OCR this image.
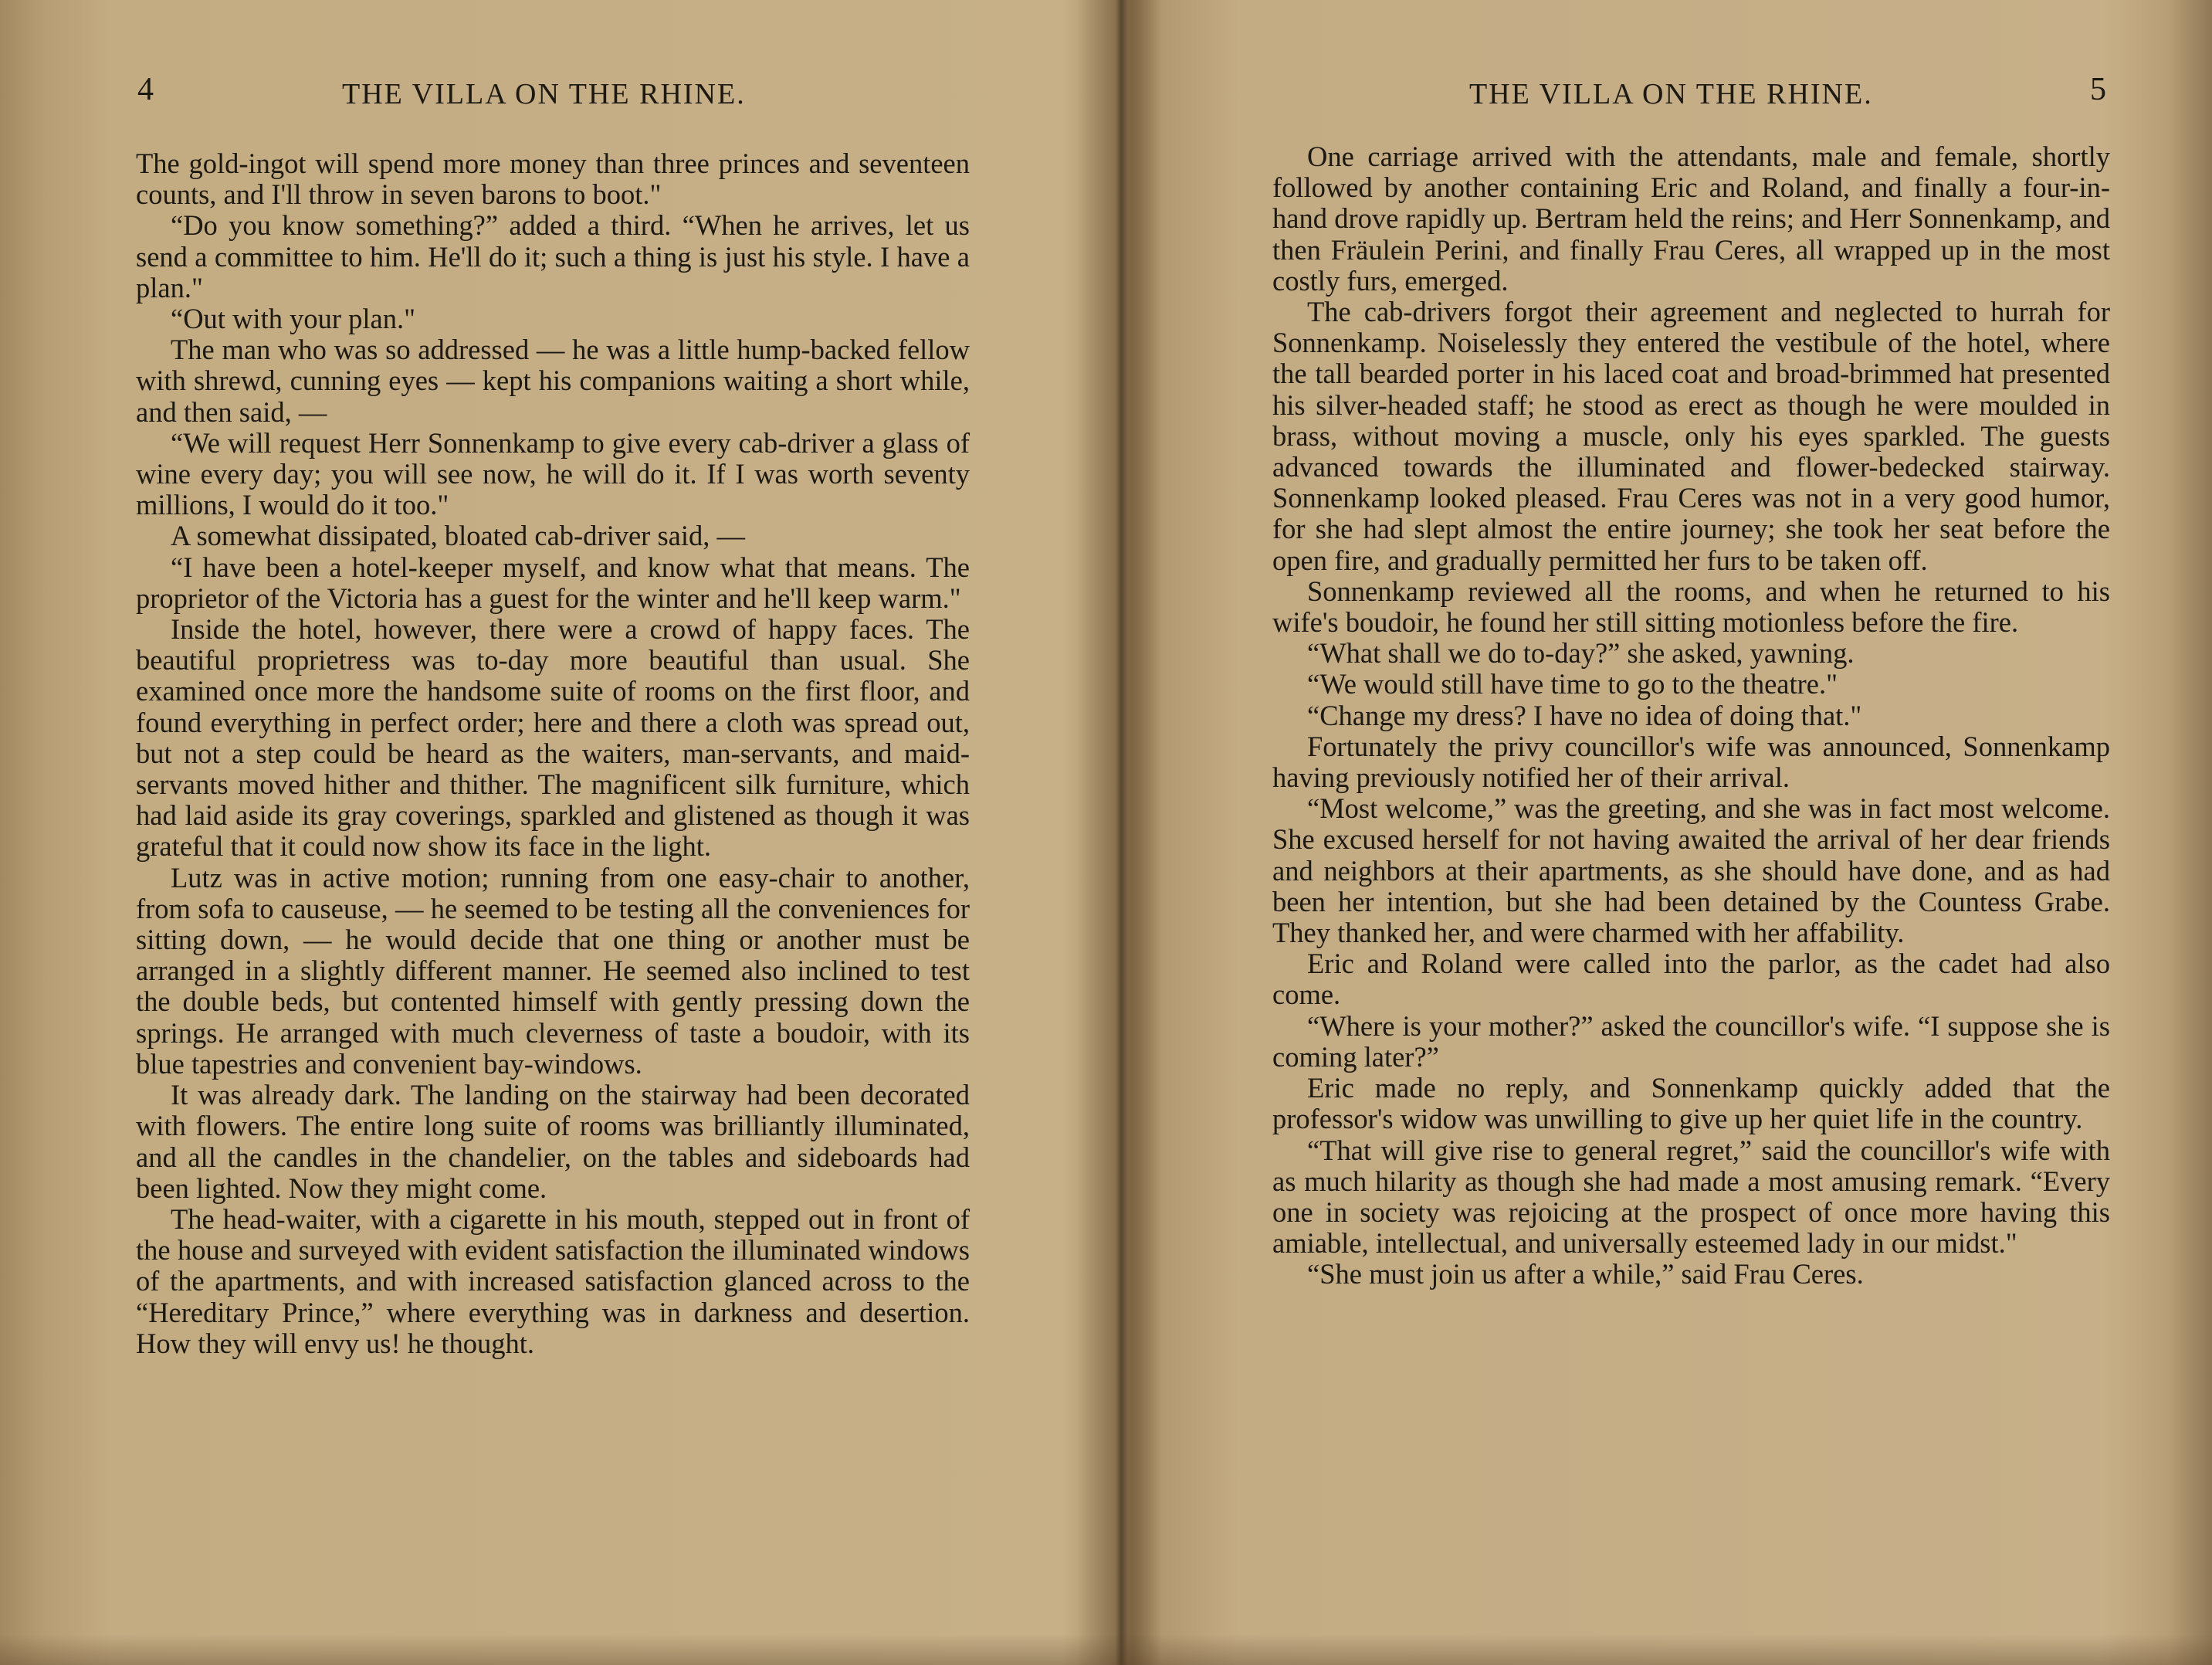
4	THE VILLA ON THE RHINE.

The gold-ingot will spend more money than three princes and seventeen counts, and I'll throw in seven barons to boot."

“Do you know something?” added a third. “When he arrives, let us send a committee to him. He'll do it; such a thing is just his style. I have a plan."

“Out with your plan."

The man who was so addressed — he was a little hump-backed fellow with shrewd, cunning eyes — kept his companions waiting a short while, and then said, —

“We will request Herr Sonnenkamp to give every cab-driver a glass of wine every day; you will see now, he will do it. If I was worth seventy millions, I would do it too."

A somewhat dissipated, bloated cab-driver said, —

“I have been a hotel-keeper myself, and know what that means. The proprietor of the Victoria has a guest for the winter and he'll keep warm."

Inside the hotel, however, there were a crowd of happy faces. The beautiful proprietress was to-day more beautiful than usual. She examined once more the handsome suite of rooms on the first floor, and found everything in perfect order; here and there a cloth was spread out, but not a step could be heard as the waiters, man-servants, and maid-servants moved hither and thither. The magnificent silk furniture, which had laid aside its gray coverings, sparkled and glistened as though it was grateful that it could now show its face in the light.

Lutz was in active motion; running from one easy-chair to another, from sofa to causeuse, — he seemed to be testing all the conveniences for sitting down, — he would decide that one thing or another must be arranged in a slightly different manner. He seemed also inclined to test the double beds, but contented himself with gently pressing down the springs. He arranged with much cleverness of taste a boudoir, with its blue tapestries and convenient bay-windows.

It was already dark. The landing on the stairway had been decorated with flowers. The entire long suite of rooms was brilliantly illuminated, and all the candles in the chandelier, on the tables and sideboards had been lighted. Now they might come.

The head-waiter, with a cigarette in his mouth, stepped out in front of the house and surveyed with evident satisfaction the illuminated windows of the apartments, and with increased satisfaction glanced across to the “Hereditary Prince,” where everything was in darkness and desertion. How they will envy us! he thought.

THE VILLA ON THE RHINE.	5

One carriage arrived with the attendants, male and female, shortly followed by another containing Eric and Roland, and finally a four-in-hand drove rapidly up. Bertram held the reins; and Herr Sonnenkamp, and then Fräulein Perini, and finally Frau Ceres, all wrapped up in the most costly furs, emerged.

The cab-drivers forgot their agreement and neglected to hurrah for Sonnenkamp. Noiselessly they entered the vestibule of the hotel, where the tall bearded porter in his laced coat and broad-brimmed hat presented his silver-headed staff; he stood as erect as though he were moulded in brass, without moving a muscle, only his eyes sparkled. The guests advanced towards the illuminated and flower-bedecked stairway. Sonnenkamp looked pleased. Frau Ceres was not in a very good humor, for she had slept almost the entire journey; she took her seat before the open fire, and gradually permitted her furs to be taken off.

Sonnenkamp reviewed all the rooms, and when he returned to his wife's boudoir, he found her still sitting motionless before the fire.

“What shall we do to-day?” she asked, yawning.

“We would still have time to go to the theatre."

“Change my dress? I have no idea of doing that."

Fortunately the privy councillor's wife was announced, Sonnenkamp having previously notified her of their arrival.

“Most welcome,” was the greeting, and she was in fact most welcome. She excused herself for not having awaited the arrival of her dear friends and neighbors at their apartments, as she should have done, and as had been her intention, but she had been detained by the Countess Grabe. They thanked her, and were charmed with her affability.

Eric and Roland were called into the parlor, as the cadet had also come.

“Where is your mother?” asked the councillor's wife. “I suppose she is coming later?”

Eric made no reply, and Sonnenkamp quickly added that the professor's widow was unwilling to give up her quiet life in the country.

“That will give rise to general regret,” said the councillor's wife with as much hilarity as though she had made a most amusing remark. “Every one in society was rejoicing at the prospect of once more having this amiable, intellectual, and universally esteemed lady in our midst."

“She must join us after a while,” said Frau Ceres.
